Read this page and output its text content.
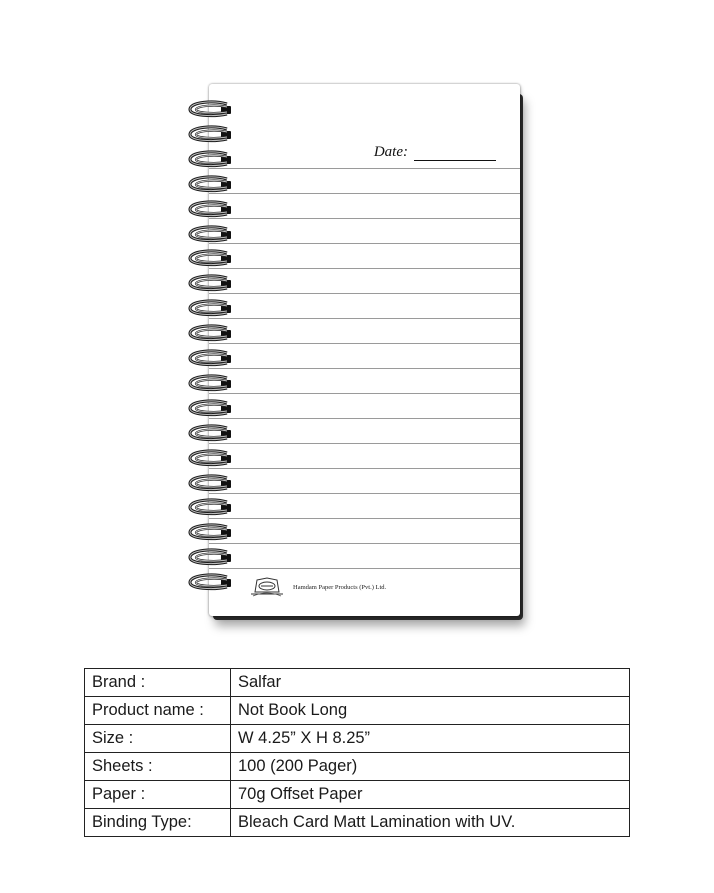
Date:
Hamdam Paper Products (Pvt.) Ltd.
Brand :	Salfar
Product name :	Not Book Long
Size :	W 4.25” X H 8.25”
Sheets :	100 (200 Pager)
Paper :	70g Offset Paper
Binding Type:	Bleach Card Matt Lamination with UV.
